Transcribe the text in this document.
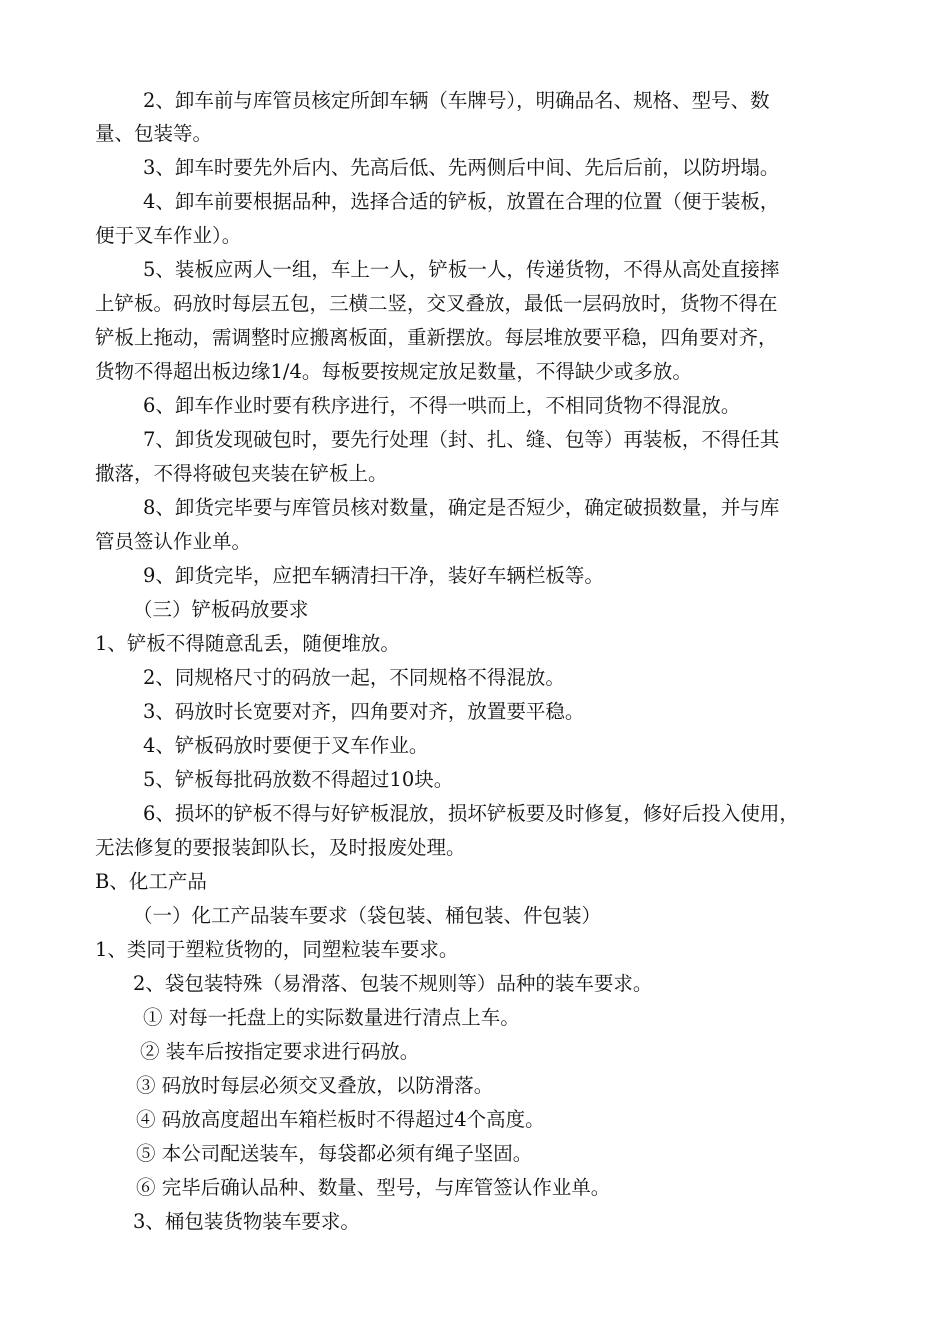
2、卸车前与库管员核定所卸车辆（车牌号），明确品名、规格、型号、数
量、包装等。
3、卸车时要先外后内、先高后低、先两侧后中间、先后后前，以防坍塌。
4、卸车前要根据品种，选择合适的铲板，放置在合理的位置（便于装板，
便于叉车作业）。
5、装板应两人一组，车上一人，铲板一人，传递货物，不得从高处直接摔
上铲板。码放时每层五包，三横二竖，交叉叠放，最低一层码放时，货物不得在
铲板上拖动，需调整时应搬离板面，重新摆放。每层堆放要平稳，四角要对齐，
货物不得超出板边缘1/4。每板要按规定放足数量，不得缺少或多放。
6、卸车作业时要有秩序进行，不得一哄而上，不相同货物不得混放。
7、卸货发现破包时，要先行处理（封、扎、缝、包等）再装板，不得任其
撒落，不得将破包夹装在铲板上。
8、卸货完毕要与库管员核对数量，确定是否短少，确定破损数量，并与库
管员签认作业单。
9、卸货完毕，应把车辆清扫干净，装好车辆栏板等。
（三）铲板码放要求
1、铲板不得随意乱丢，随便堆放。
2、同规格尺寸的码放一起，不同规格不得混放。
3、码放时长宽要对齐，四角要对齐，放置要平稳。
4、铲板码放时要便于叉车作业。
5、铲板每批码放数不得超过10块。
6、损坏的铲板不得与好铲板混放，损坏铲板要及时修复，修好后投入使用，
无法修复的要报装卸队长，及时报废处理。
B、化工产品
（一）化工产品装车要求（袋包装、桶包装、件包装）
1、类同于塑粒货物的，同塑粒装车要求。
2、袋包装特殊（易滑落、包装不规则等）品种的装车要求。
① 对每一托盘上的实际数量进行清点上车。
② 装车后按指定要求进行码放。
③ 码放时每层必须交叉叠放，以防滑落。
④ 码放高度超出车箱栏板时不得超过4个高度。
⑤ 本公司配送装车，每袋都必须有绳子坚固。
⑥ 完毕后确认品种、数量、型号，与库管签认作业单。
3、桶包装货物装车要求。
